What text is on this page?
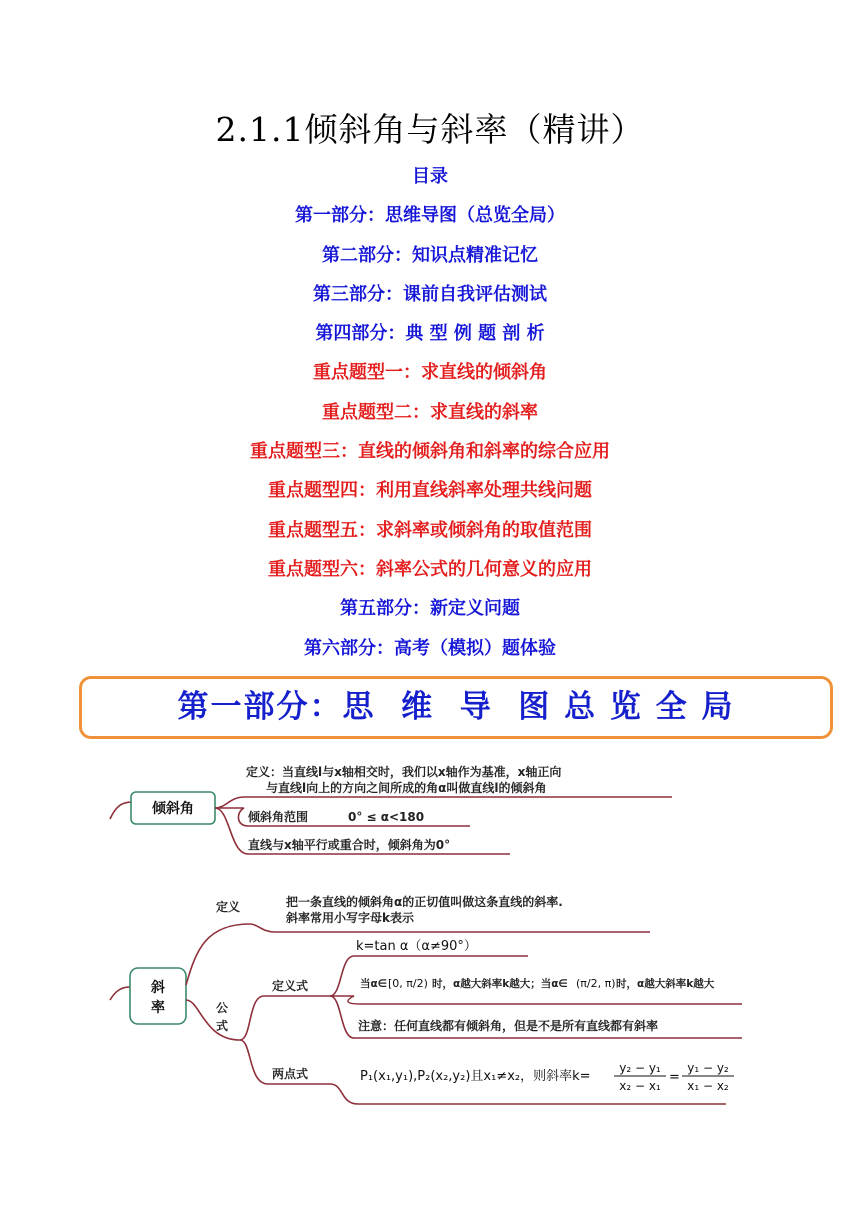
2.1.1倾斜角与斜率（精讲）
目录
第一部分：思维导图（总览全局）
第二部分：知识点精准记忆
第三部分：课前自我评估测试
第四部分：典 型 例 题 剖 析
重点题型一：求直线的倾斜角
重点题型二：求直线的斜率
重点题型三：直线的倾斜角和斜率的综合应用
重点题型四：利用直线斜率处理共线问题
重点题型五：求斜率或倾斜角的取值范围
重点题型六：斜率公式的几何意义的应用
第五部分：新定义问题
第六部分：高考（模拟）题体验
第一部分：思  维  导  图 总 览 全 局
倾斜角
定义：当直线l与x轴相交时，我们以x轴作为基准，x轴正向
与直线l向上的方向之间所成的角α叫做直线l的倾斜角
倾斜角范围	0° ≤ α<180
直线与x轴平行或重合时，倾斜角为0°
斜
率
定义	把一条直线的倾斜角α的正切值叫做这条直线的斜率.
斜率常用小写字母k表示
公
式
定义式
k=tan α（α≠90°）
当α∈ [0, π/2) 时，α越大斜率k越大；当α∈ (π/2, π) 时，α越大斜率k越大
注意：任何直线都有倾斜角，但是不是所有直线都有斜率
两点式	P₁(x₁,y₁),P₂(x₂,y₂)且x₁≠x₂，则斜率k=
y₂ − y₁
x₂ − x₁
=
y₁ − y₂
x₁ − x₂
